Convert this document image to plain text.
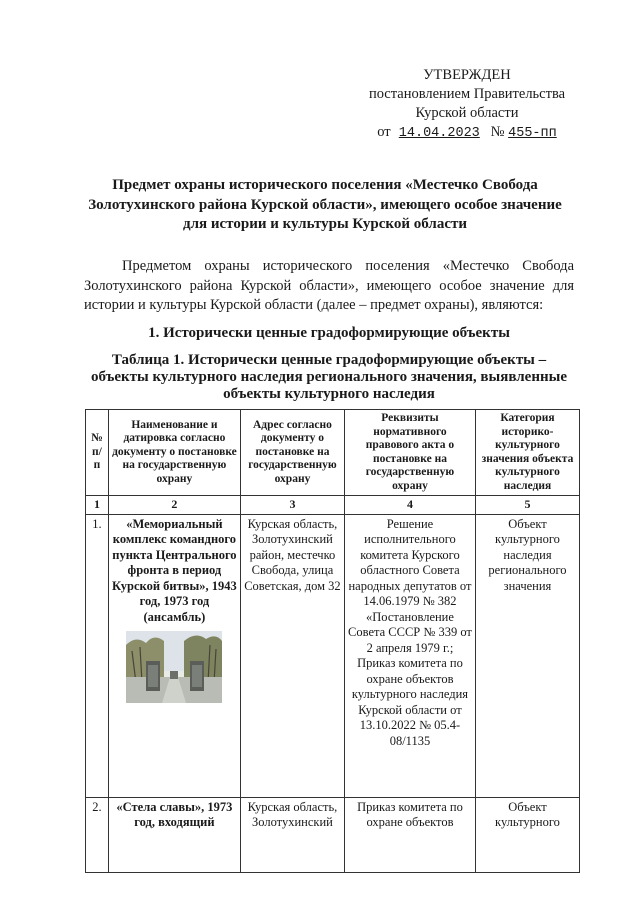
УТВЕРЖДЕН
постановлением Правительства
Курской области
от 14.04.2023 № 455-пп
Предмет охраны исторического поселения «Местечко Свобода Золотухинского района Курской области», имеющего особое значение для истории и культуры Курской области
Предметом охраны исторического поселения «Местечко Свобода Золотухинского района Курской области», имеющего особое значение для истории и культуры Курской области (далее – предмет охраны), являются:
1. Исторически ценные градоформирующие объекты
Таблица 1. Исторически ценные градоформирующие объекты – объекты культурного наследия регионального значения, выявленные объекты культурного наследия
№ п/п	Наименование и датировка согласно документу о постановке на государственную охрану	Адрес согласно документу о постановке на государственную охрану	Реквизиты нормативного правового акта о постановке на государственную охрану	Категория историко-культурного значения объекта культурного наследия
1	2	3	4	5
1.	«Мемориальный комплекс командного пункта Центрального фронта в период Курской битвы», 1943 год, 1973 год (ансамбль)	Курская область, Золотухинский район, местечко Свобода, улица Советская, дом 32	Решение исполнительного комитета Курского областного Совета народных депутатов от 14.06.1979 № 382 «Постановление Совета СССР № 339 от 2 апреля 1979 г.; Приказ комитета по охране объектов культурного наследия Курской области от 13.10.2022 № 05.4-08/1135	Объект культурного наследия регионального значения
2.	«Стела славы», 1973 год, входящий	Курская область, Золотухинский	Приказ комитета по охране объектов	Объект культурного
